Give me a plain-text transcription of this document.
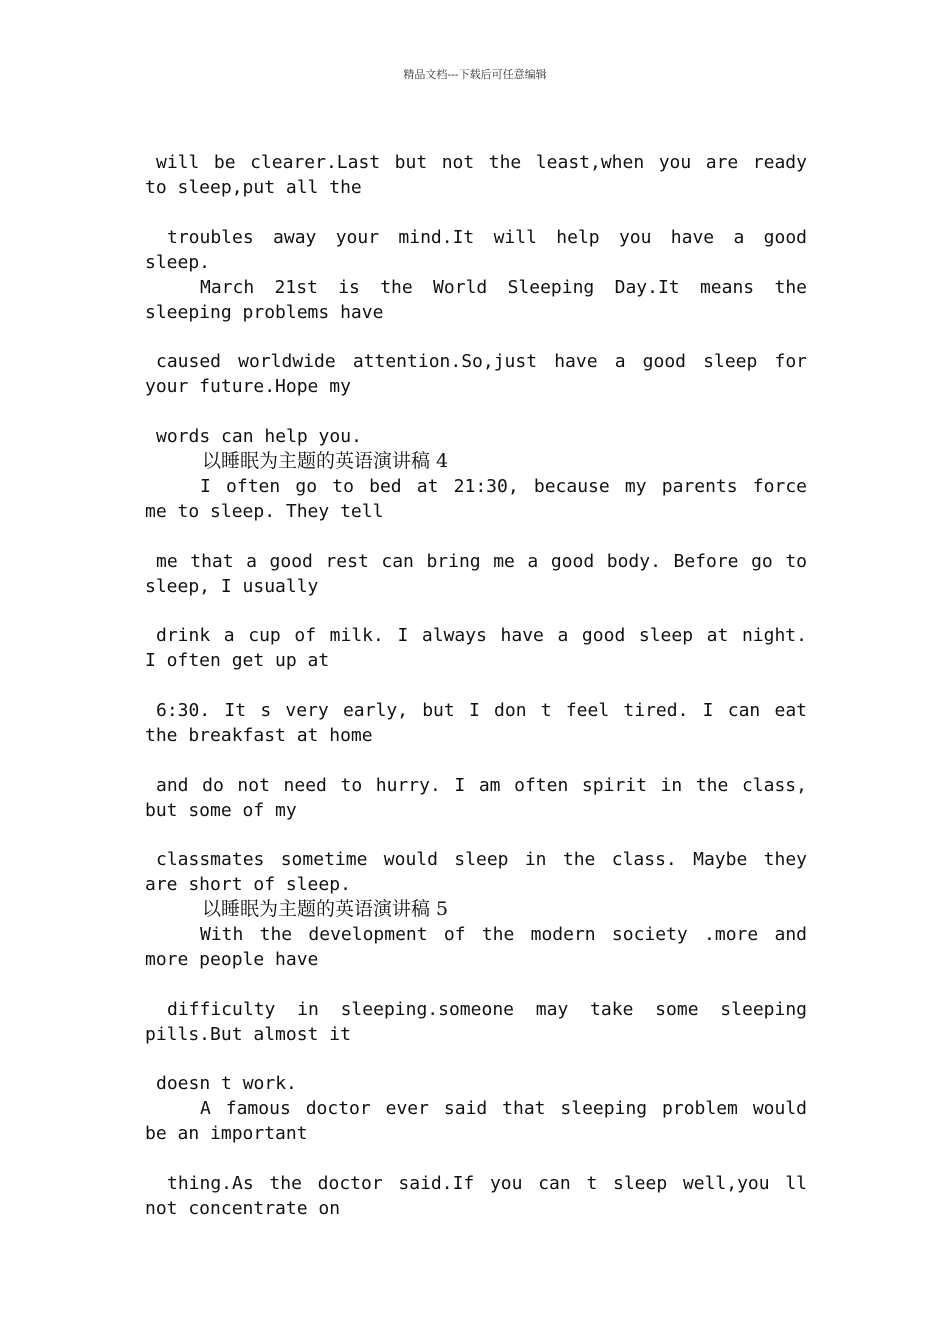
精品文档---下载后可任意编辑
will be clearer.Last but not the least,when you are ready
to sleep,put all the
troubles away your mind.It will help you have a good
sleep.
March 21st is the World Sleeping Day.It means the
sleeping problems have
caused worldwide attention.So,just have a good sleep for
your future.Hope my
words can help you.
以睡眠为主题的英语演讲稿 4
I often go to bed at 21:30, because my parents force
me to sleep. They tell
me that a good rest can bring me a good body. Before go to
sleep, I usually
drink a cup of milk. I always have a good sleep at night.
I often get up at
6:30. It s very early, but I don t feel tired. I can eat
the breakfast at home
and do not need to hurry. I am often spirit in the class,
but some of my
classmates sometime would sleep in the class. Maybe they
are short of sleep.
以睡眠为主题的英语演讲稿 5
With the development of the modern society .more and
more people have
difficulty in sleeping.someone may take some sleeping
pills.But almost it
doesn t work.
A famous doctor ever said that sleeping problem would
be an important
thing.As the doctor said.If you can t sleep well,you ll
not concentrate on
